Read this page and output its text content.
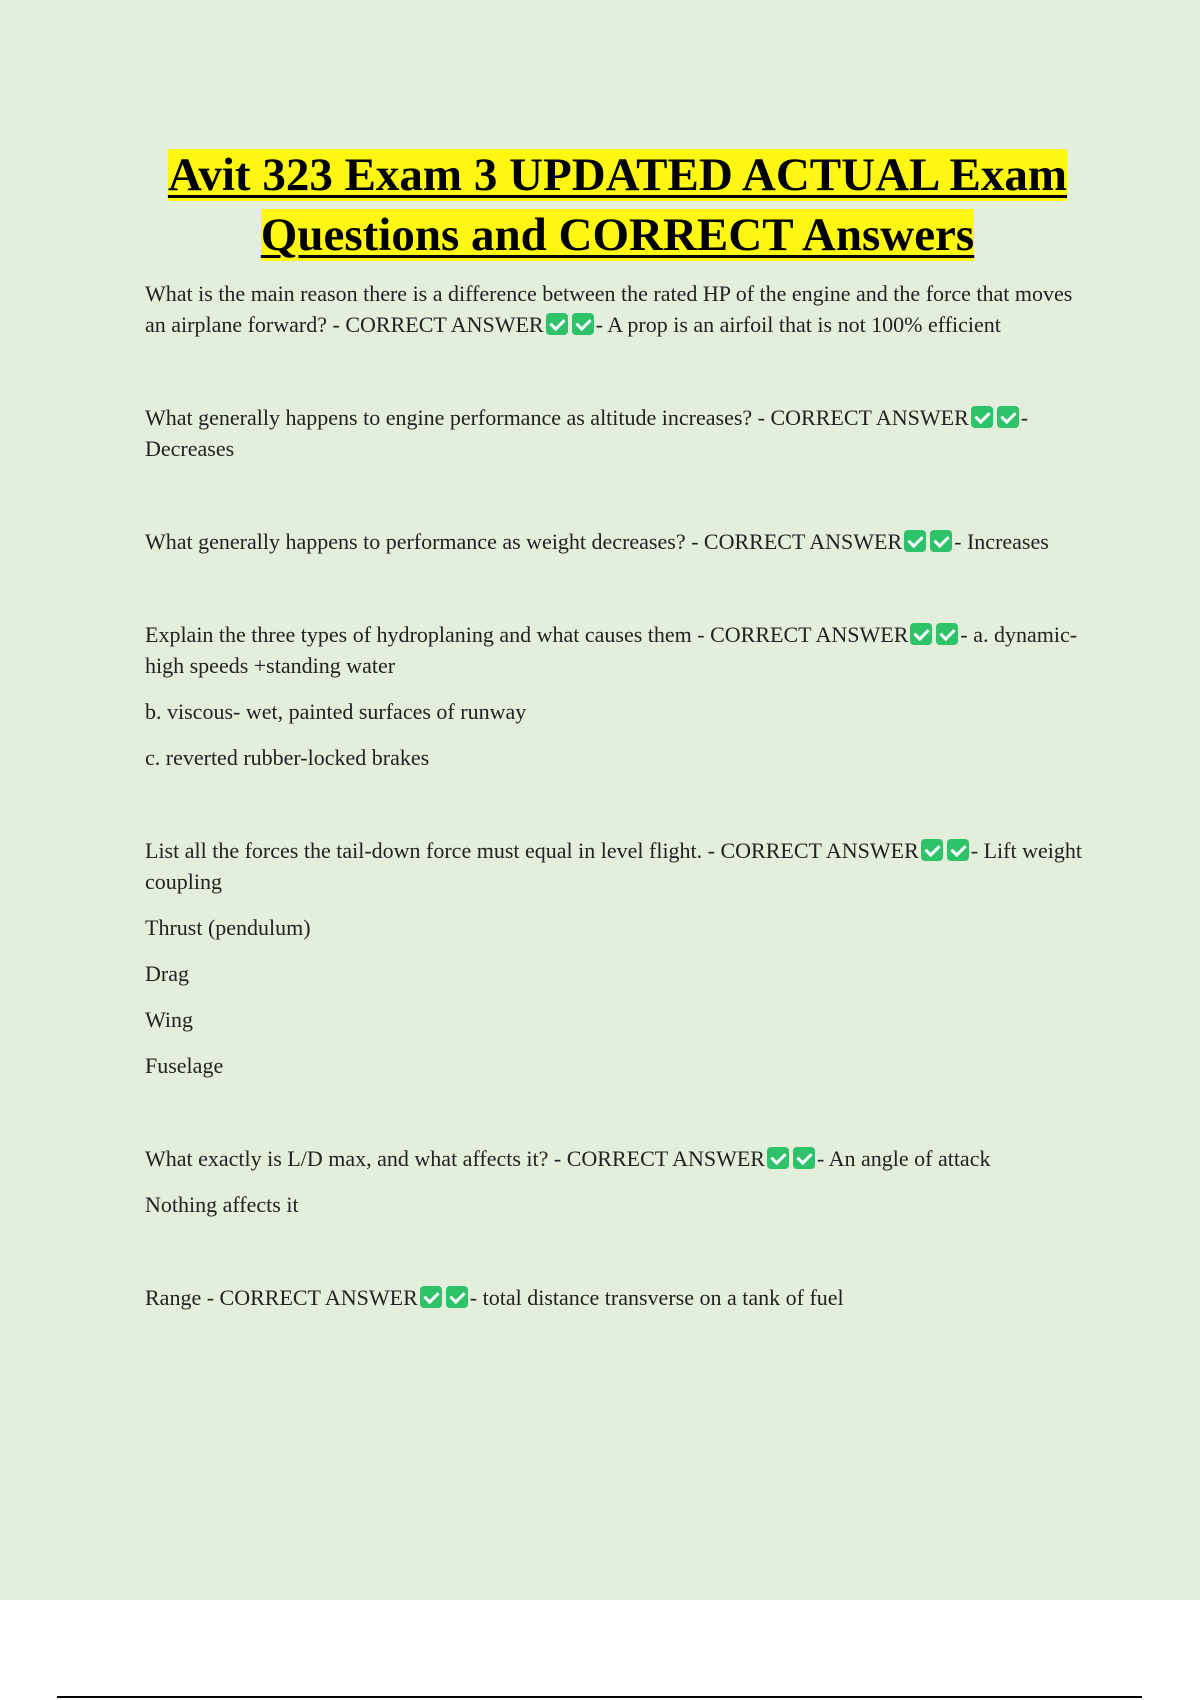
Avit 323 Exam 3 UPDATED ACTUAL Exam Questions and CORRECT Answers

What is the main reason there is a difference between the rated HP of the engine and the force that moves an airplane forward? - CORRECT ANSWER - A prop is an airfoil that is not 100% efficient

What generally happens to engine performance as altitude increases? - CORRECT ANSWER - Decreases

What generally happens to performance as weight decreases? - CORRECT ANSWER - Increases

Explain the three types of hydroplaning and what causes them - CORRECT ANSWER - a. dynamic- high speeds +standing water

b. viscous- wet, painted surfaces of runway

c. reverted rubber-locked brakes

List all the forces the tail-down force must equal in level flight. - CORRECT ANSWER - Lift weight coupling

Thrust (pendulum)

Drag

Wing

Fuselage

What exactly is L/D max, and what affects it? - CORRECT ANSWER - An angle of attack

Nothing affects it

Range - CORRECT ANSWER - total distance transverse on a tank of fuel
